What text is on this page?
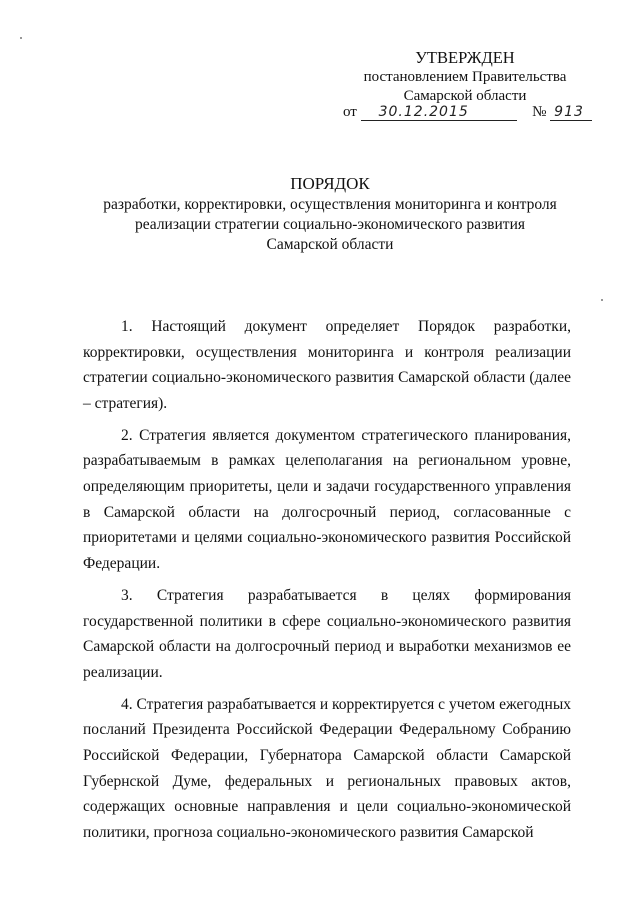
УТВЕРЖДЕН
постановлением Правительства
Самарской области
от 30.12.2015	№ 913
ПОРЯДОК
разработки, корректировки, осуществления мониторинга и контроля
реализации стратегии социально-экономического развития
Самарской области

1. Настоящий документ определяет Порядок разработки, корректировки, осуществления мониторинга и контроля реализации стратегии социально-экономического развития Самарской области (далее – стратегия).

2. Стратегия является документом стратегического планирования, разрабатываемым в рамках целеполагания на региональном уровне, определяющим приоритеты, цели и задачи государственного управления в Самарской области на долгосрочный период, согласованные с приоритетами и целями социально-экономического развития Российской Федерации.

3. Стратегия разрабатывается в целях формирования государственной политики в сфере социально-экономического развития Самарской области на долгосрочный период и выработки механизмов ее реализации.

4. Стратегия разрабатывается и корректируется с учетом ежегодных посланий Президента Российской Федерации Федеральному Собранию Российской Федерации, Губернатора Самарской области Самарской Губернской Думе, федеральных и региональных правовых актов, содержащих основные направления и цели социально-экономической политики, прогноза социально-экономического развития Самарской
